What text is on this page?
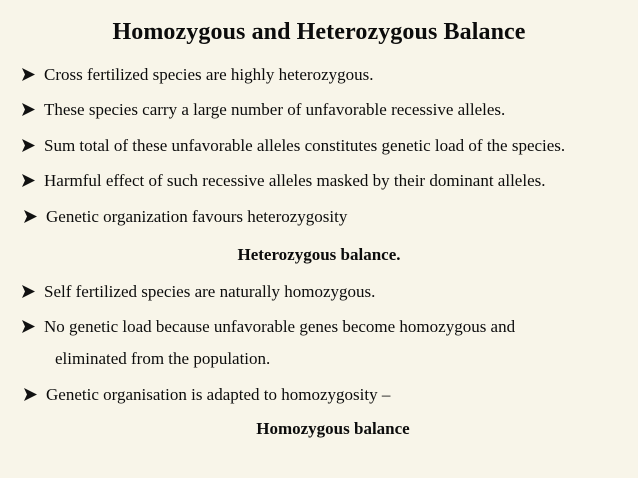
Homozygous and Heterozygous Balance
Cross fertilized species are highly heterozygous.
These species carry a large number of unfavorable recessive alleles.
Sum total of these unfavorable alleles constitutes genetic load of the species.
Harmful effect of such recessive alleles masked by their dominant alleles.
Genetic organization favours heterozygosity
Heterozygous balance.
Self fertilized species are naturally homozygous.
No genetic load because unfavorable genes become homozygous and
eliminated from the population.
Genetic organisation is adapted to homozygosity –
Homozygous balance
